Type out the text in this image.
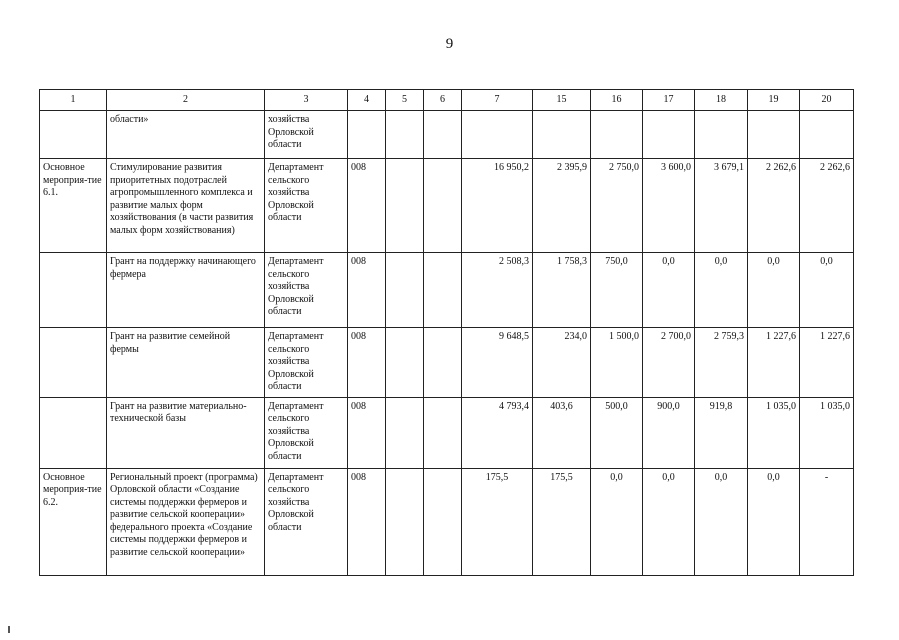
9
1	2	3	4	5	6	7	15	16	17	18	19	20
	области»	хозяйства Орловской области										
Основное мероприя-тие 6.1.	Стимулирование развития приоритетных подотраслей агропромышленного комплекса и развитие малых форм хозяйствования (в части развития малых форм хозяйствования)	Департамент сельского хозяйства Орловской области	008			16 950,2	2 395,9	2 750,0	3 600,0	3 679,1	2 262,6	2 262,6
	Грант на поддержку начинающего фермера	Департамент сельского хозяйства Орловской области	008			2 508,3	1 758,3	750,0	0,0	0,0	0,0	0,0
	Грант на развитие семейной фермы	Департамент сельского хозяйства Орловской области	008			9 648,5	234,0	1 500,0	2 700,0	2 759,3	1 227,6	1 227,6
	Грант на развитие материально-технической базы	Департамент сельского хозяйства Орловской области	008			4 793,4	403,6	500,0	900,0	919,8	1 035,0	1 035,0
Основное мероприя-тие 6.2.	Региональный проект (программа) Орловской области «Создание системы поддержки фермеров и развитие сельской кооперации» федерального проекта «Создание системы поддержки фермеров и развитие сельской кооперации»	Департамент сельского хозяйства Орловской области	008			175,5	175,5	0,0	0,0	0,0	0,0	-
